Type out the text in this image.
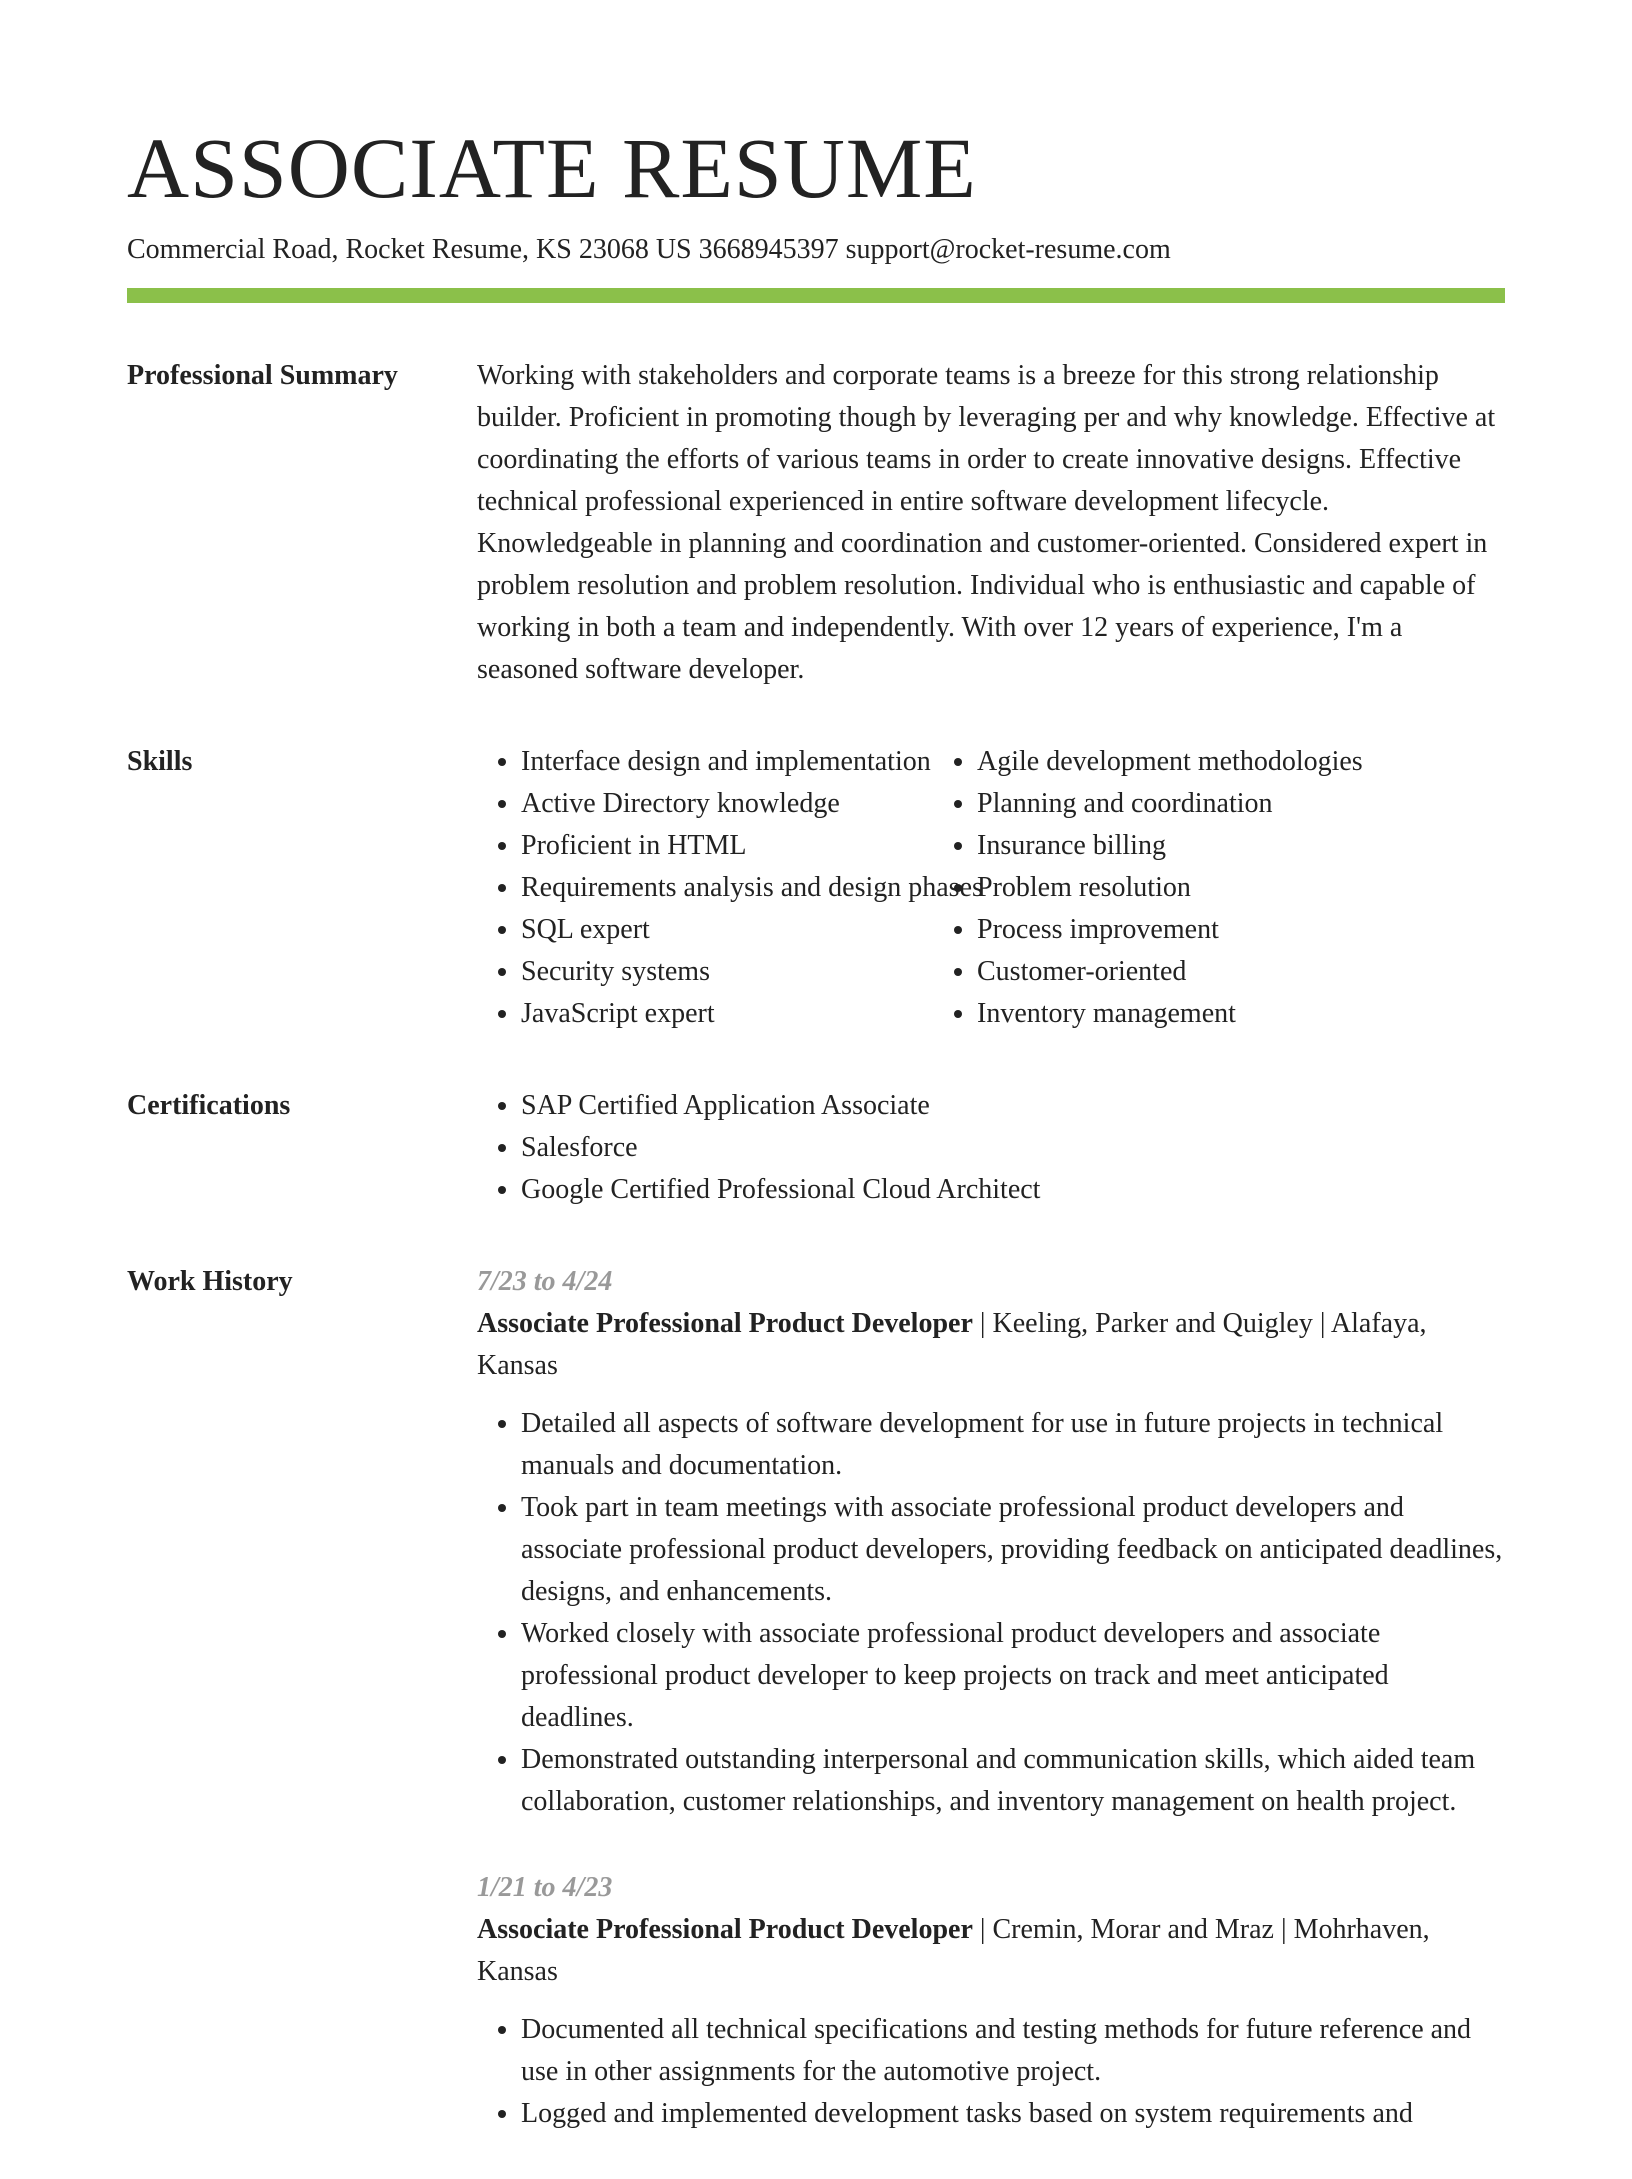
ASSOCIATE RESUME
Commercial Road, Rocket Resume, KS 23068 US 3668945397 support@rocket-resume.com
Professional Summary	Working with stakeholders and corporate teams is a breeze for this strong relationship builder. Proficient in promoting though by leveraging per and why knowledge. Effective at coordinating the efforts of various teams in order to create innovative designs. Effective technical professional experienced in entire software development lifecycle. Knowledgeable in planning and coordination and customer-oriented. Considered expert in problem resolution and problem resolution. Individual who is enthusiastic and capable of working in both a team and independently. With over 12 years of experience, I'm a seasoned software developer.

Skills	• Interface design and implementation
• Active Directory knowledge
• Proficient in HTML
• Requirements analysis and design phases
• SQL expert
• Security systems
• JavaScript expert
• Agile development methodologies
• Planning and coordination
• Insurance billing
• Problem resolution
• Process improvement
• Customer-oriented
• Inventory management
Certifications	• SAP Certified Application Associate
• Salesforce
• Google Certified Professional Cloud Architect
Work History	7/23 to 4/24
Associate Professional Product Developer | Keeling, Parker and Quigley | Alafaya, Kansas
• Detailed all aspects of software development for use in future projects in technical manuals and documentation.
• Took part in team meetings with associate professional product developers and associate professional product developers, providing feedback on anticipated deadlines, designs, and enhancements.
• Worked closely with associate professional product developers and associate professional product developer to keep projects on track and meet anticipated deadlines.
• Demonstrated outstanding interpersonal and communication skills, which aided team collaboration, customer relationships, and inventory management on health project.
1/21 to 4/23
Associate Professional Product Developer | Cremin, Morar and Mraz | Mohrhaven, Kansas
• Documented all technical specifications and testing methods for future reference and use in other assignments for the automotive project.
• Logged and implemented development tasks based on system requirements and
